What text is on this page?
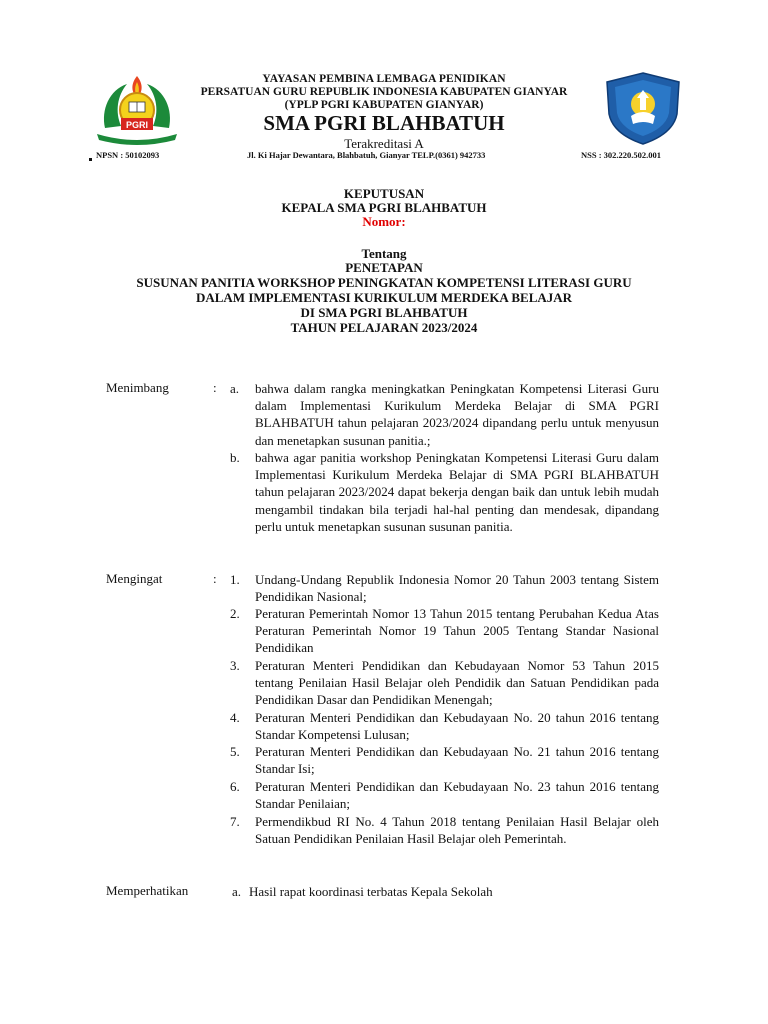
PGRI
YAYASAN PEMBINA LEMBAGA PENIDIKAN
PERSATUAN GURU REPUBLIK INDONESIA KABUPATEN GIANYAR
(YPLP PGRI KABUPATEN GIANYAR)
SMA PGRI BLAHBATUH
Terakreditasi A
NPSN : 50102093	Jl. Ki Hajar Dewantara, Blahbatuh, Gianyar TELP.(0361) 942733	NSS : 302.220.502.001
KEPUTUSAN
KEPALA SMA PGRI BLAHBATUH
Nomor:
Tentang
PENETAPAN
SUSUNAN PANITIA WORKSHOP PENINGKATAN KOMPETENSI LITERASI GURU
DALAM IMPLEMENTASI KURIKULUM MERDEKA BELAJAR
DI SMA PGRI BLAHBATUH
TAHUN PELAJARAN 2023/2024
Menimbang	: a. bahwa dalam rangka meningkatkan Peningkatan Kompetensi Literasi Guru dalam Implementasi Kurikulum Merdeka Belajar di SMA PGRI BLAHBATUH tahun pelajaran 2023/2024 dipandang perlu untuk menyusun dan menetapkan susunan panitia.;
b. bahwa agar panitia workshop Peningkatan Kompetensi Literasi Guru dalam Implementasi Kurikulum Merdeka Belajar di SMA PGRI BLAHBATUH tahun pelajaran 2023/2024 dapat bekerja dengan baik dan untuk lebih mudah mengambil tindakan bila terjadi hal-hal penting dan mendesak, dipandang perlu untuk menetapkan susunan susunan panitia.
Mengingat	: 1. Undang-Undang Republik Indonesia Nomor 20 Tahun 2003 tentang Sistem Pendidikan Nasional;
2. Peraturan Pemerintah Nomor 13 Tahun 2015 tentang Perubahan Kedua Atas Peraturan Pemerintah Nomor 19 Tahun 2005 Tentang Standar Nasional Pendidikan
3. Peraturan Menteri Pendidikan dan Kebudayaan Nomor 53 Tahun 2015 tentang Penilaian Hasil Belajar oleh Pendidik dan Satuan Pendidikan pada Pendidikan Dasar dan Pendidikan Menengah;
4. Peraturan Menteri Pendidikan dan Kebudayaan No. 20 tahun 2016 tentang Standar Kompetensi Lulusan;
5. Peraturan Menteri Pendidikan dan Kebudayaan No. 21 tahun 2016 tentang Standar Isi;
6. Peraturan Menteri Pendidikan dan Kebudayaan No. 23 tahun 2016 tentang Standar Penilaian;
7. Permendikbud RI No. 4 Tahun 2018 tentang Penilaian Hasil Belajar oleh Satuan Pendidikan Penilaian Hasil Belajar oleh Pemerintah.
Memperhatikan	a. Hasil rapat koordinasi terbatas Kepala Sekolah
